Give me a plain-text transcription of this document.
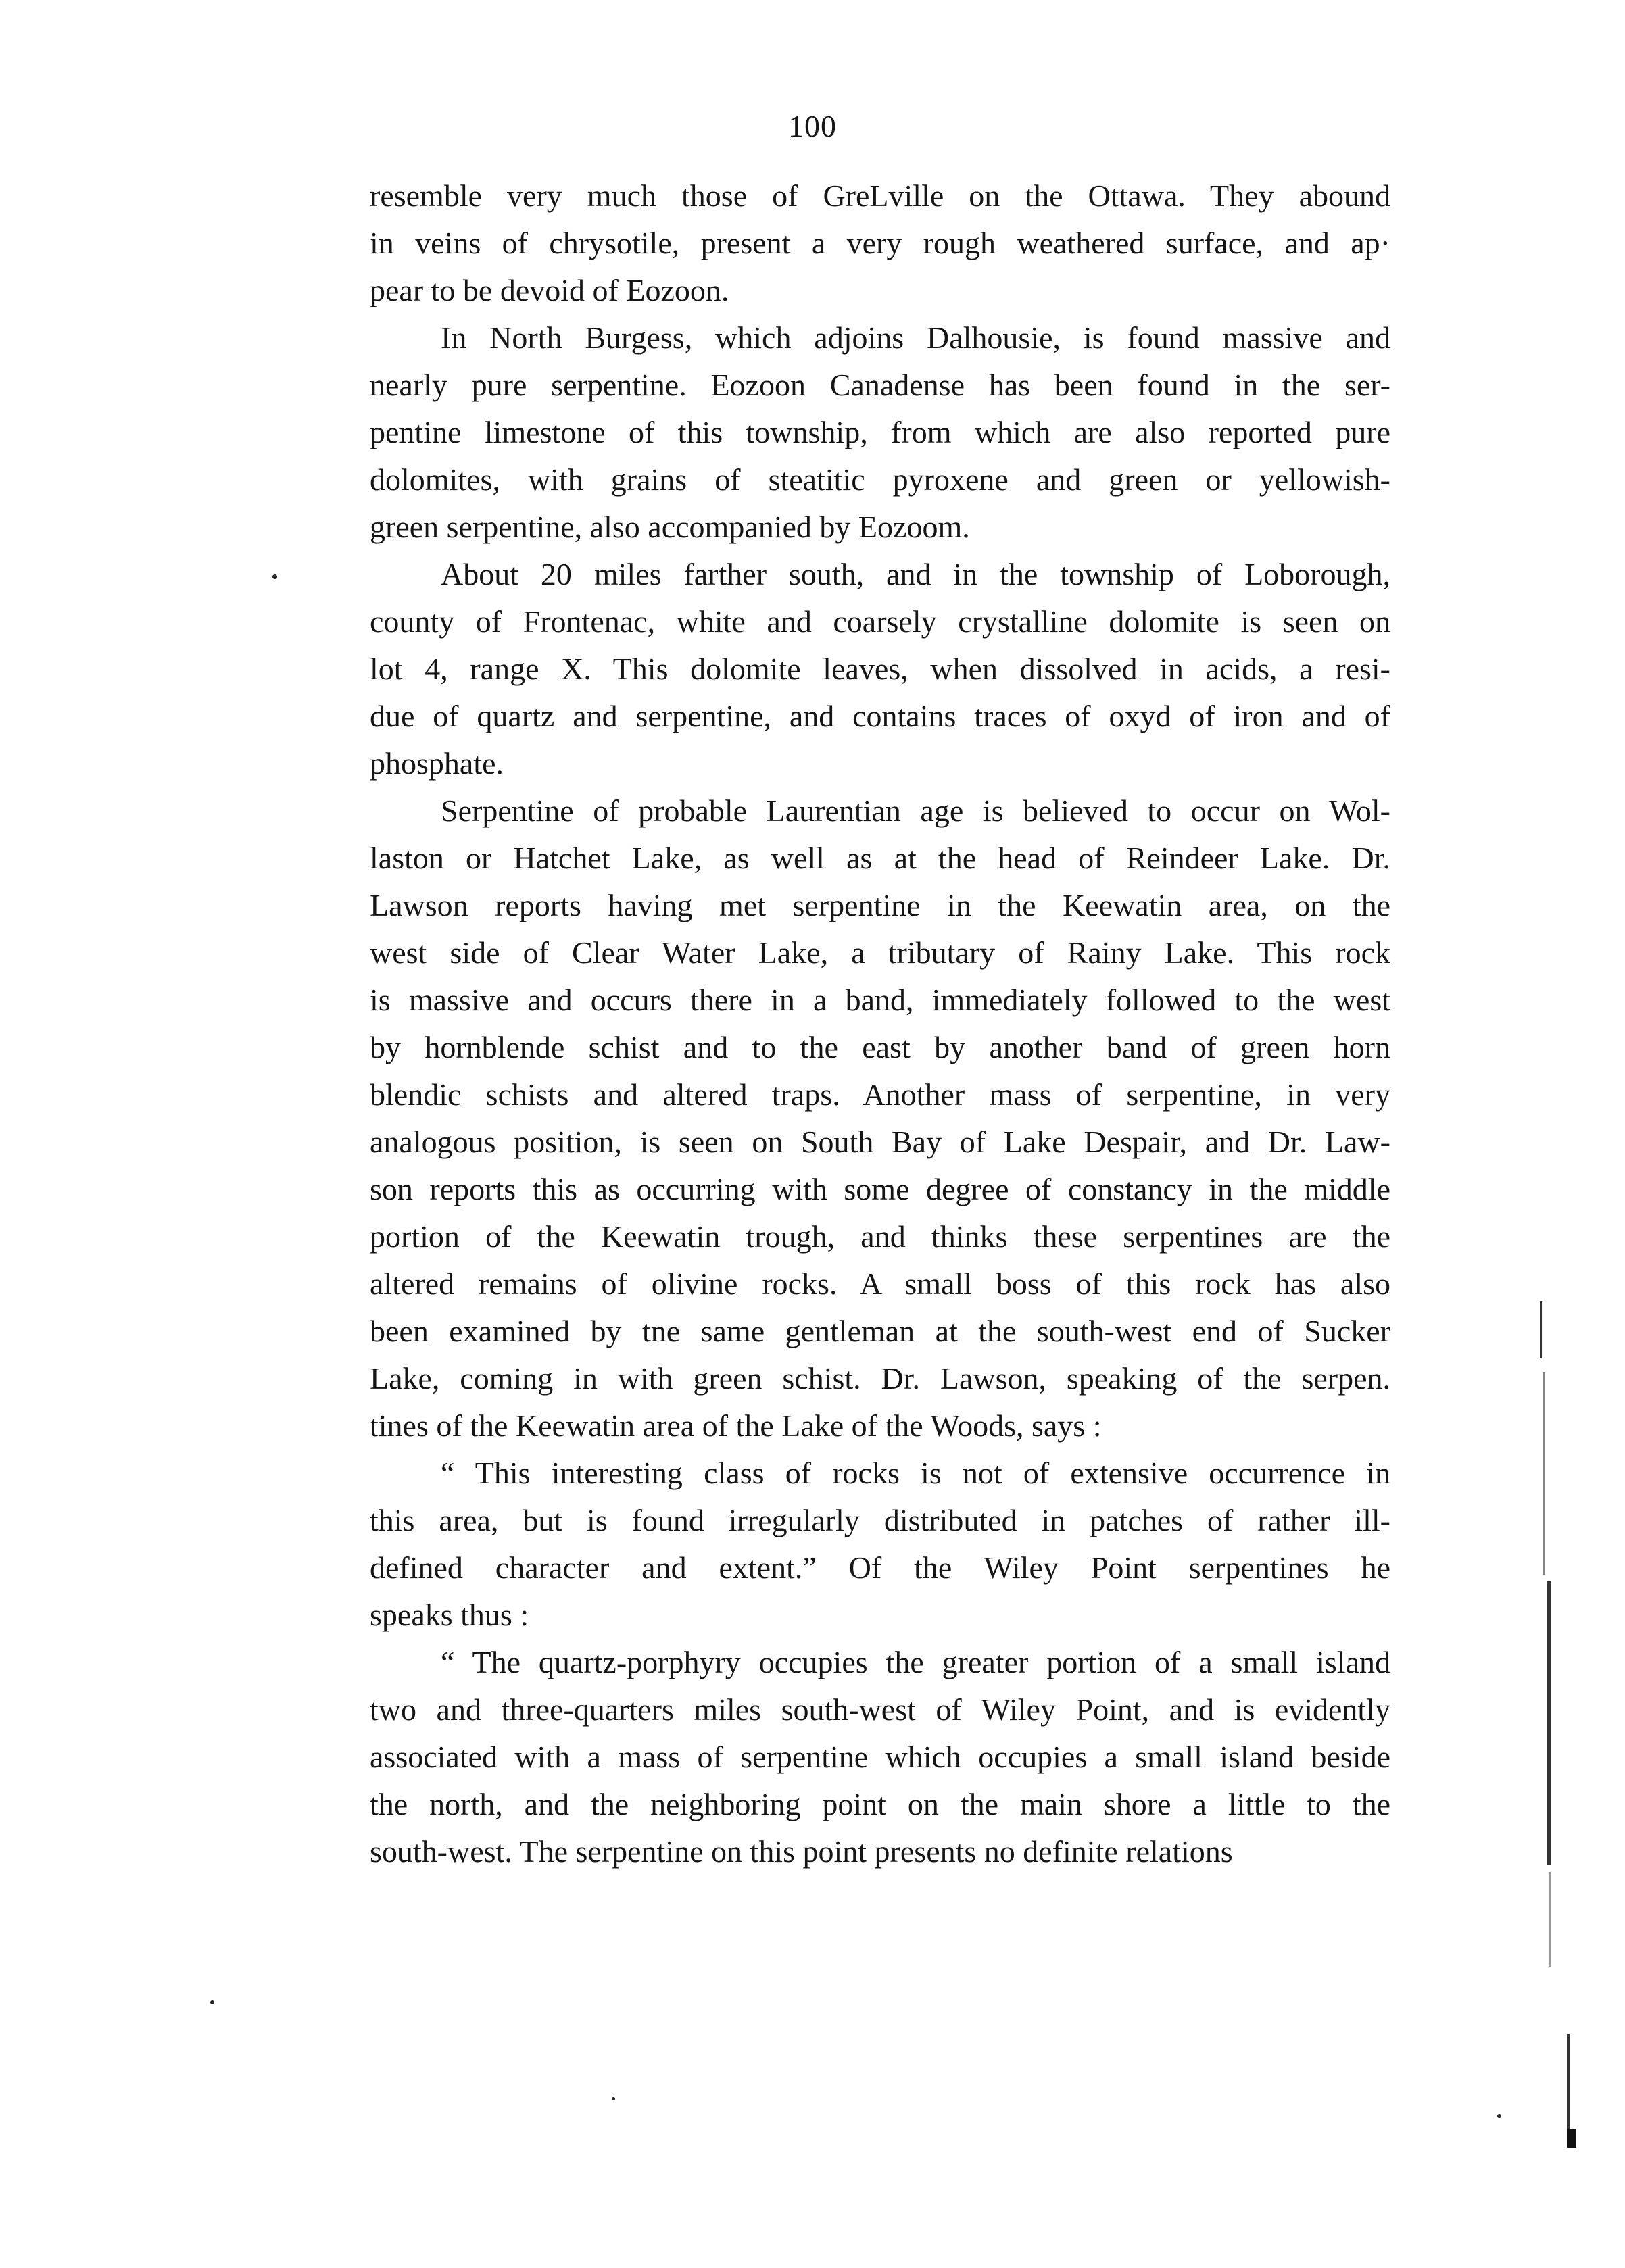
100
resemble very much those of GreLville on the Ottawa. They abound
in veins of chrysotile, present a very rough weathered surface, and ap·
pear to be devoid of Eozoon.
In North Burgess, which adjoins Dalhousie, is found massive and
nearly pure serpentine. Eozoon Canadense has been found in the ser-
pentine limestone of this township, from which are also reported pure
dolomites, with grains of steatitic pyroxene and green or yellowish-
green serpentine, also accompanied by Eozoom.
About 20 miles farther south, and in the township of Loborough,
county of Frontenac, white and coarsely crystalline dolomite is seen on
lot 4, range X. This dolomite leaves, when dissolved in acids, a resi-
due of quartz and serpentine, and contains traces of oxyd of iron and of
phosphate.
Serpentine of probable Laurentian age is believed to occur on Wol-
laston or Hatchet Lake, as well as at the head of Reindeer Lake. Dr.
Lawson reports having met serpentine in the Keewatin area, on the
west side of Clear Water Lake, a tributary of Rainy Lake. This rock
is massive and occurs there in a band, immediately followed to the west
by hornblende schist and to the east by another band of green horn
blendic schists and altered traps. Another mass of serpentine, in very
analogous position, is seen on South Bay of Lake Despair, and Dr. Law-
son reports this as occurring with some degree of constancy in the middle
portion of the Keewatin trough, and thinks these serpentines are the
altered remains of olivine rocks. A small boss of this rock has also
been examined by tne same gentleman at the south-west end of Sucker
Lake, coming in with green schist. Dr. Lawson, speaking of the serpen.
tines of the Keewatin area of the Lake of the Woods, says :
“ This interesting class of rocks is not of extensive occurrence in
this area, but is found irregularly distributed in patches of rather ill-
defined character and extent.” Of the Wiley Point serpentines he
speaks thus :
“ The quartz-porphyry occupies the greater portion of a small island
two and three-quarters miles south-west of Wiley Point, and is evidently
associated with a mass of serpentine which occupies a small island beside
the north, and the neighboring point on the main shore a little to the
south-west. The serpentine on this point presents no definite relations
